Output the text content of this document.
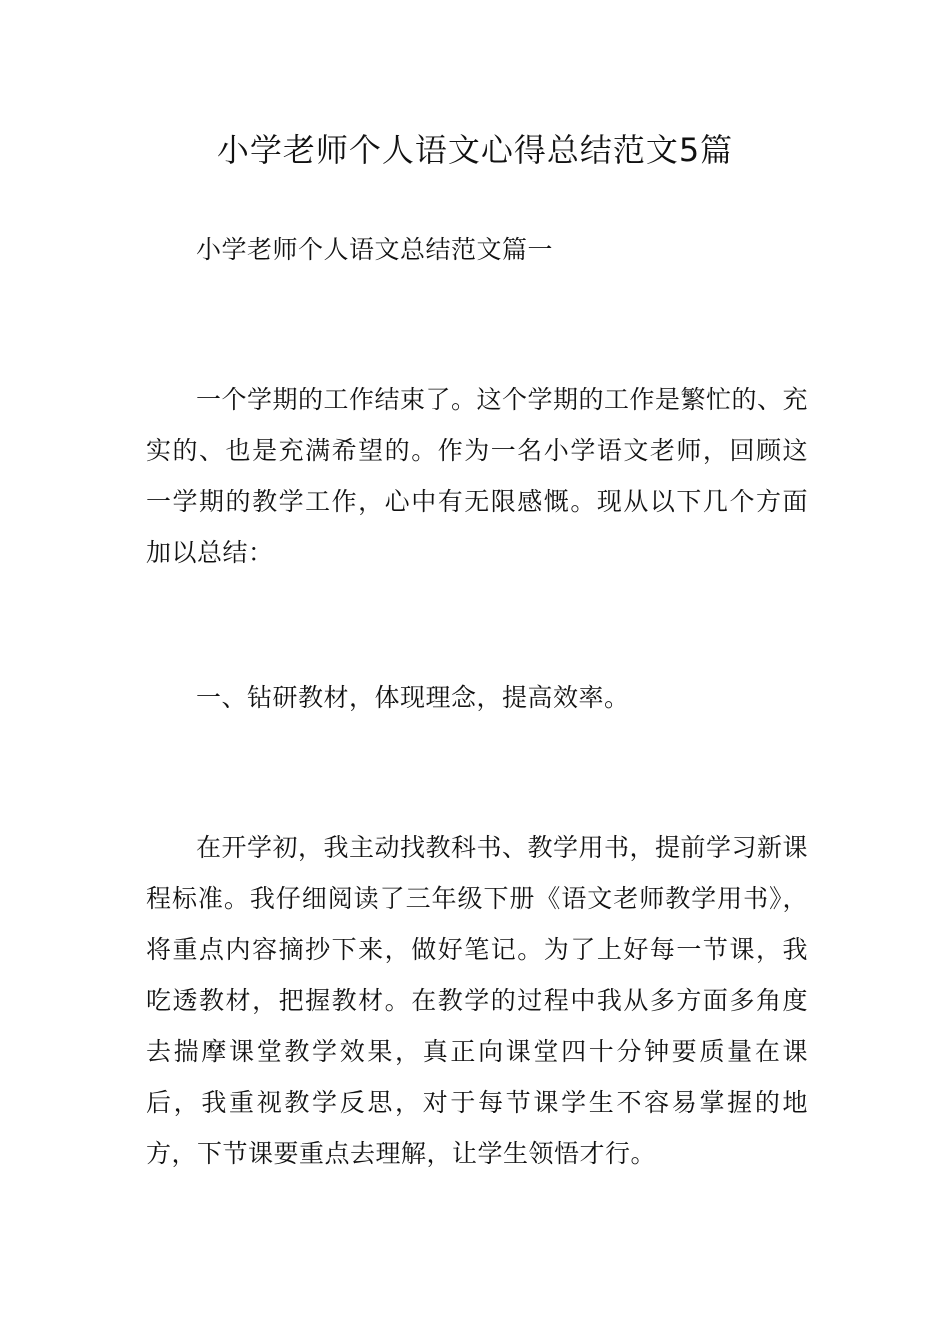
小学老师个人语文心得总结范文5篇

小学老师个人语文总结范文篇一

一个学期的工作结束了。这个学期的工作是繁忙的、充实的、也是充满希望的。作为一名小学语文老师，回顾这一学期的教学工作，心中有无限感慨。现从以下几个方面加以总结：

一、钻研教材，体现理念，提高效率。

在开学初，我主动找教科书、教学用书，提前学习新课程标准。我仔细阅读了三年级下册《语文老师教学用书》，将重点内容摘抄下来，做好笔记。为了上好每一节课，我吃透教材，把握教材。在教学的过程中我从多方面多角度去揣摩课堂教学效果，真正向课堂四十分钟要质量在课后，我重视教学反思，对于每节课学生不容易掌握的地方，下节课要重点去理解，让学生领悟才行。
